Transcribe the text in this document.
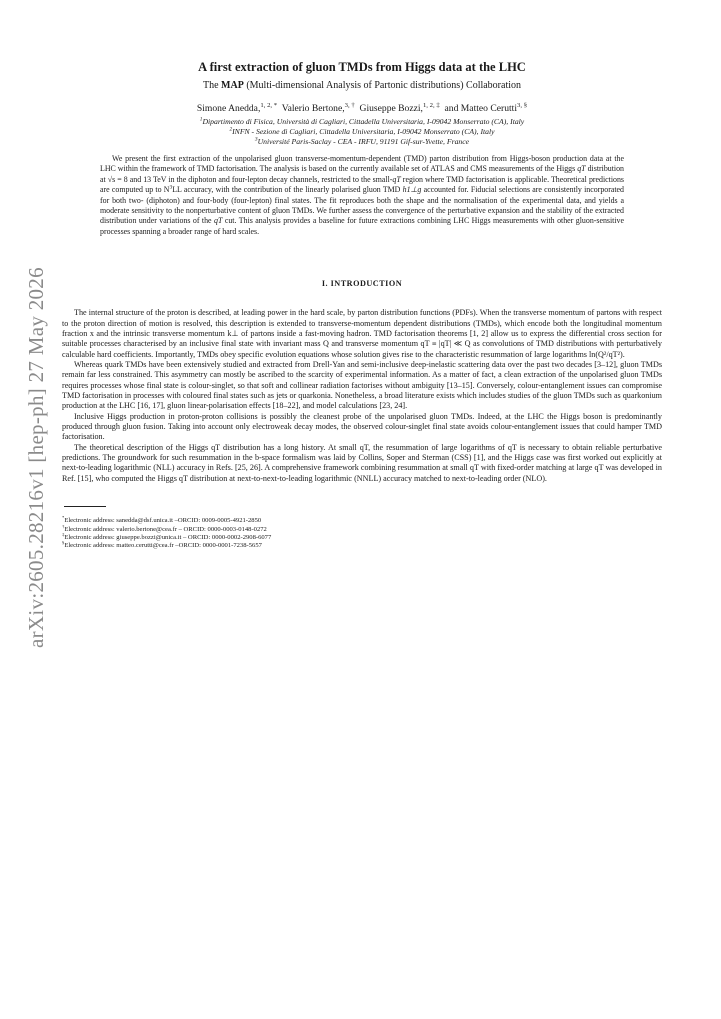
arXiv:2605.28216v1 [hep-ph] 27 May 2026
A first extraction of gluon TMDs from Higgs data at the LHC
The MAP (Multi-dimensional Analysis of Partonic distributions) Collaboration
Simone Anedda,$^{1, 2, *}$ Valerio Bertone,$^{3, \dagger}$ Giuseppe Bozzi,$^{1, 2, \ddagger}$ and Matteo Cerutti$^{3, \S}$
$^1$Dipartimento di Fisica, Università di Cagliari, Cittadella Universitaria, I-09042 Monserrato (CA), Italy
$^2$INFN - Sezione di Cagliari, Cittadella Universitaria, I-09042 Monserrato (CA), Italy
$^3$Université Paris-Saclay - CEA - IRFU, 91191 Gif-sur-Yvette, France

We present the first extraction of the unpolarised gluon transverse-momentum-dependent (TMD) parton distribution from Higgs-boson production data at the LHC within the framework of TMD factorisation. The analysis is based on the currently available set of ATLAS and CMS measurements of the Higgs qT distribution at √s = 8 and 13 TeV in the diphoton and four-lepton decay channels, restricted to the small-qT region where TMD factorisation is applicable. Theoretical predictions are computed up to $N^3LL$ accuracy, with the contribution of the linearly polarised gluon TMD h1⊥g accounted for. Fiducial selections are consistently incorporated for both two- (diphoton) and four-body (four-lepton) final states. The fit reproduces both the shape and the normalisation of the experimental data, and yields a moderate sensitivity to the nonperturbative content of gluon TMDs. We further assess the convergence of the perturbative expansion and the stability of the extracted distribution under variations of the qT cut. This analysis provides a baseline for future extractions combining LHC Higgs measurements with other gluon-sensitive processes spanning a broader range of hard scales.

I. INTRODUCTION

The internal structure of the proton is described, at leading power in the hard scale, by parton distribution functions (PDFs). When the transverse momentum of partons with respect to the proton direction of motion is resolved, this description is extended to transverse-momentum dependent distributions (TMDs), which encode both the longitudinal momentum fraction x and the intrinsic transverse momentum k⊥ of partons inside a fast-moving hadron. TMD factorisation theorems [1, 2] allow us to express the differential cross section for suitable processes characterised by an inclusive final state with invariant mass Q and transverse momentum qT ≡ |qT| ≪ Q as convolutions of TMD distributions with perturbatively calculable hard coefficients. Importantly, TMDs obey specific evolution equations whose solution gives rise to the characteristic resummation of large logarithms ln(Q²/qT²).

Whereas quark TMDs have been extensively studied and extracted from Drell-Yan and semi-inclusive deep-inelastic scattering data over the past two decades [3–12], gluon TMDs remain far less constrained. This asymmetry can mostly be ascribed to the scarcity of experimental information. As a matter of fact, a clean extraction of the unpolarised gluon TMDs requires processes whose final state is colour-singlet, so that soft and collinear radiation factorises without ambiguity [13–15]. Conversely, colour-entanglement issues can compromise TMD factorisation in processes with coloured final states such as jets or quarkonia. Nonetheless, a broad literature exists which includes studies of the gluon TMDs such as quarkonium production at the LHC [16, 17], gluon linear-polarisation effects [18–22], and model calculations [23, 24].

Inclusive Higgs production in proton-proton collisions is possibly the cleanest probe of the unpolarised gluon TMDs. Indeed, at the LHC the Higgs boson is predominantly produced through gluon fusion. Taking into account only electroweak decay modes, the observed colour-singlet final state avoids colour-entanglement issues that could hamper TMD factorisation.

The theoretical description of the Higgs qT distribution has a long history. At small qT, the resummation of large logarithms of qT is necessary to obtain reliable perturbative predictions. The groundwork for such resummation in the b-space formalism was laid by Collins, Soper and Sterman (CSS) [1], and the Higgs case was first worked out explicitly at next-to-leading logarithmic (NLL) accuracy in Refs. [25, 26]. A comprehensive framework combining resummation at small qT with fixed-order matching at large qT was developed in Ref. [15], who computed the Higgs qT distribution at next-to-next-to-leading logarithmic (NNLL) accuracy matched to next-to-leading order (NLO).

*Electronic address: sanedda@dsf.unica.it –ORCID: 0009-0005-4921-2850
†Electronic address: valerio.bertone@cea.fr – ORCID: 0000-0003-0148-0272
‡Electronic address: giuseppe.bozzi@unica.it – ORCID: 0000-0002-2908-6077
§Electronic address: matteo.cerutti@cea.fr –ORCID: 0000-0001-7238-5657
